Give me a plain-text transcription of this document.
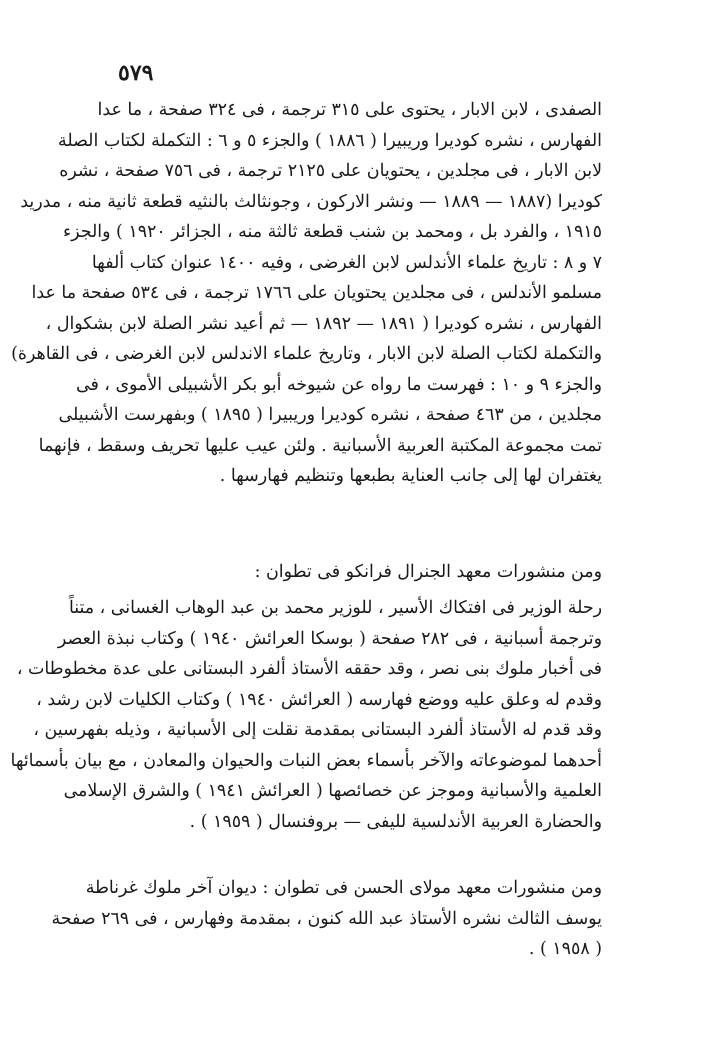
٥٧٩
الصفدى ، لابن الابار ، يحتوى على ٣١٥ ترجمة ، فى ٣٢٤ صفحة ، ما عدا
الفهارس ، نشره كوديرا وريبيرا ( ١٨٨٦ ) والجزء ٥ و ٦ : التكملة لكتاب الصلة
لابن الابار ، فى مجلدين ، يحتويان على ٢١٢٥ ترجمة ، فى ٧٥٦ صفحة ، نشره
كوديرا (١٨٨٧ — ١٨٨٩ — ونشر الاركون ، وجونثالث بالنثيه قطعة ثانية منه ، مدريد
١٩١٥ ، والفرد بل ، ومحمد بن شنب قطعة ثالثة منه ، الجزائر ١٩٢٠ ) والجزء
٧ و ٨ : تاريخ علماء الأندلس لابن الغرضى ، وفيه ١٤٠٠ عنوان كتاب ألفها
مسلمو الأندلس ، فى مجلدين يحتويان على ١٧٦٦ ترجمة ، فى ٥٣٤ صفحة ما عدا
الفهارس ، نشره كوديرا ( ١٨٩١ — ١٨٩٢ — ثم أعيد نشر الصلة لابن بشكوال ،
والتكملة لكتاب الصلة لابن الابار ، وتاريخ علماء الاندلس لابن الغرضى ، فى القاهرة)
والجزء ٩ و ١٠ : فهرست ما رواه عن شيوخه أبو بكر الأشبيلى الأموى ، فى
مجلدين ، من ٤٦٣ صفحة ، نشره كوديرا وريبيرا ( ١٨٩٥ ) وبفهرست الأشبيلى
تمت مجموعة المكتبة العربية الأسبانية . ولئن عيب عليها تحريف وسقط ، فإنهما
يغتفران لها إلى جانب العناية بطبعها وتنظيم فهارسها .
ومن منشورات معهد الجنرال فرانكو فى تطوان :
رحلة الوزير فى افتكاك الأسير ، للوزير محمد بن عبد الوهاب الغسانى ، متناً
وترجمة أسبانية ، فى ٢٨٢ صفحة ( بوسكا العرائش ١٩٤٠ ) وكتاب نبذة العصر
فى أخبار ملوك بنى نصر ، وقد حققه الأستاذ ألفرد البستانى على عدة مخطوطات ،
وقدم له وعلق عليه ووضع فهارسه ( العرائش ١٩٤٠ ) وكتاب الكليات لابن رشد ،
وقد قدم له الأستاذ ألفرد البستانى بمقدمة نقلت إلى الأسبانية ، وذيله بفهرسين ،
أحدهما لموضوعاته والآخر بأسماء بعض النبات والحيوان والمعادن ، مع بيان بأسمائها
العلمية والأسبانية وموجز عن خصائصها ( العرائش ١٩٤١ ) والشرق الإسلامى
والحضارة العربية الأندلسية لليفى — بروفنسال ( ١٩٥٩ ) .
ومن منشورات معهد مولاى الحسن فى تطوان : ديوان آخر ملوك غرناطة
يوسف الثالث نشره الأستاذ عبد الله كنون ، بمقدمة وفهارس ، فى ٢٦٩ صفحة
( ١٩٥٨ ) .
